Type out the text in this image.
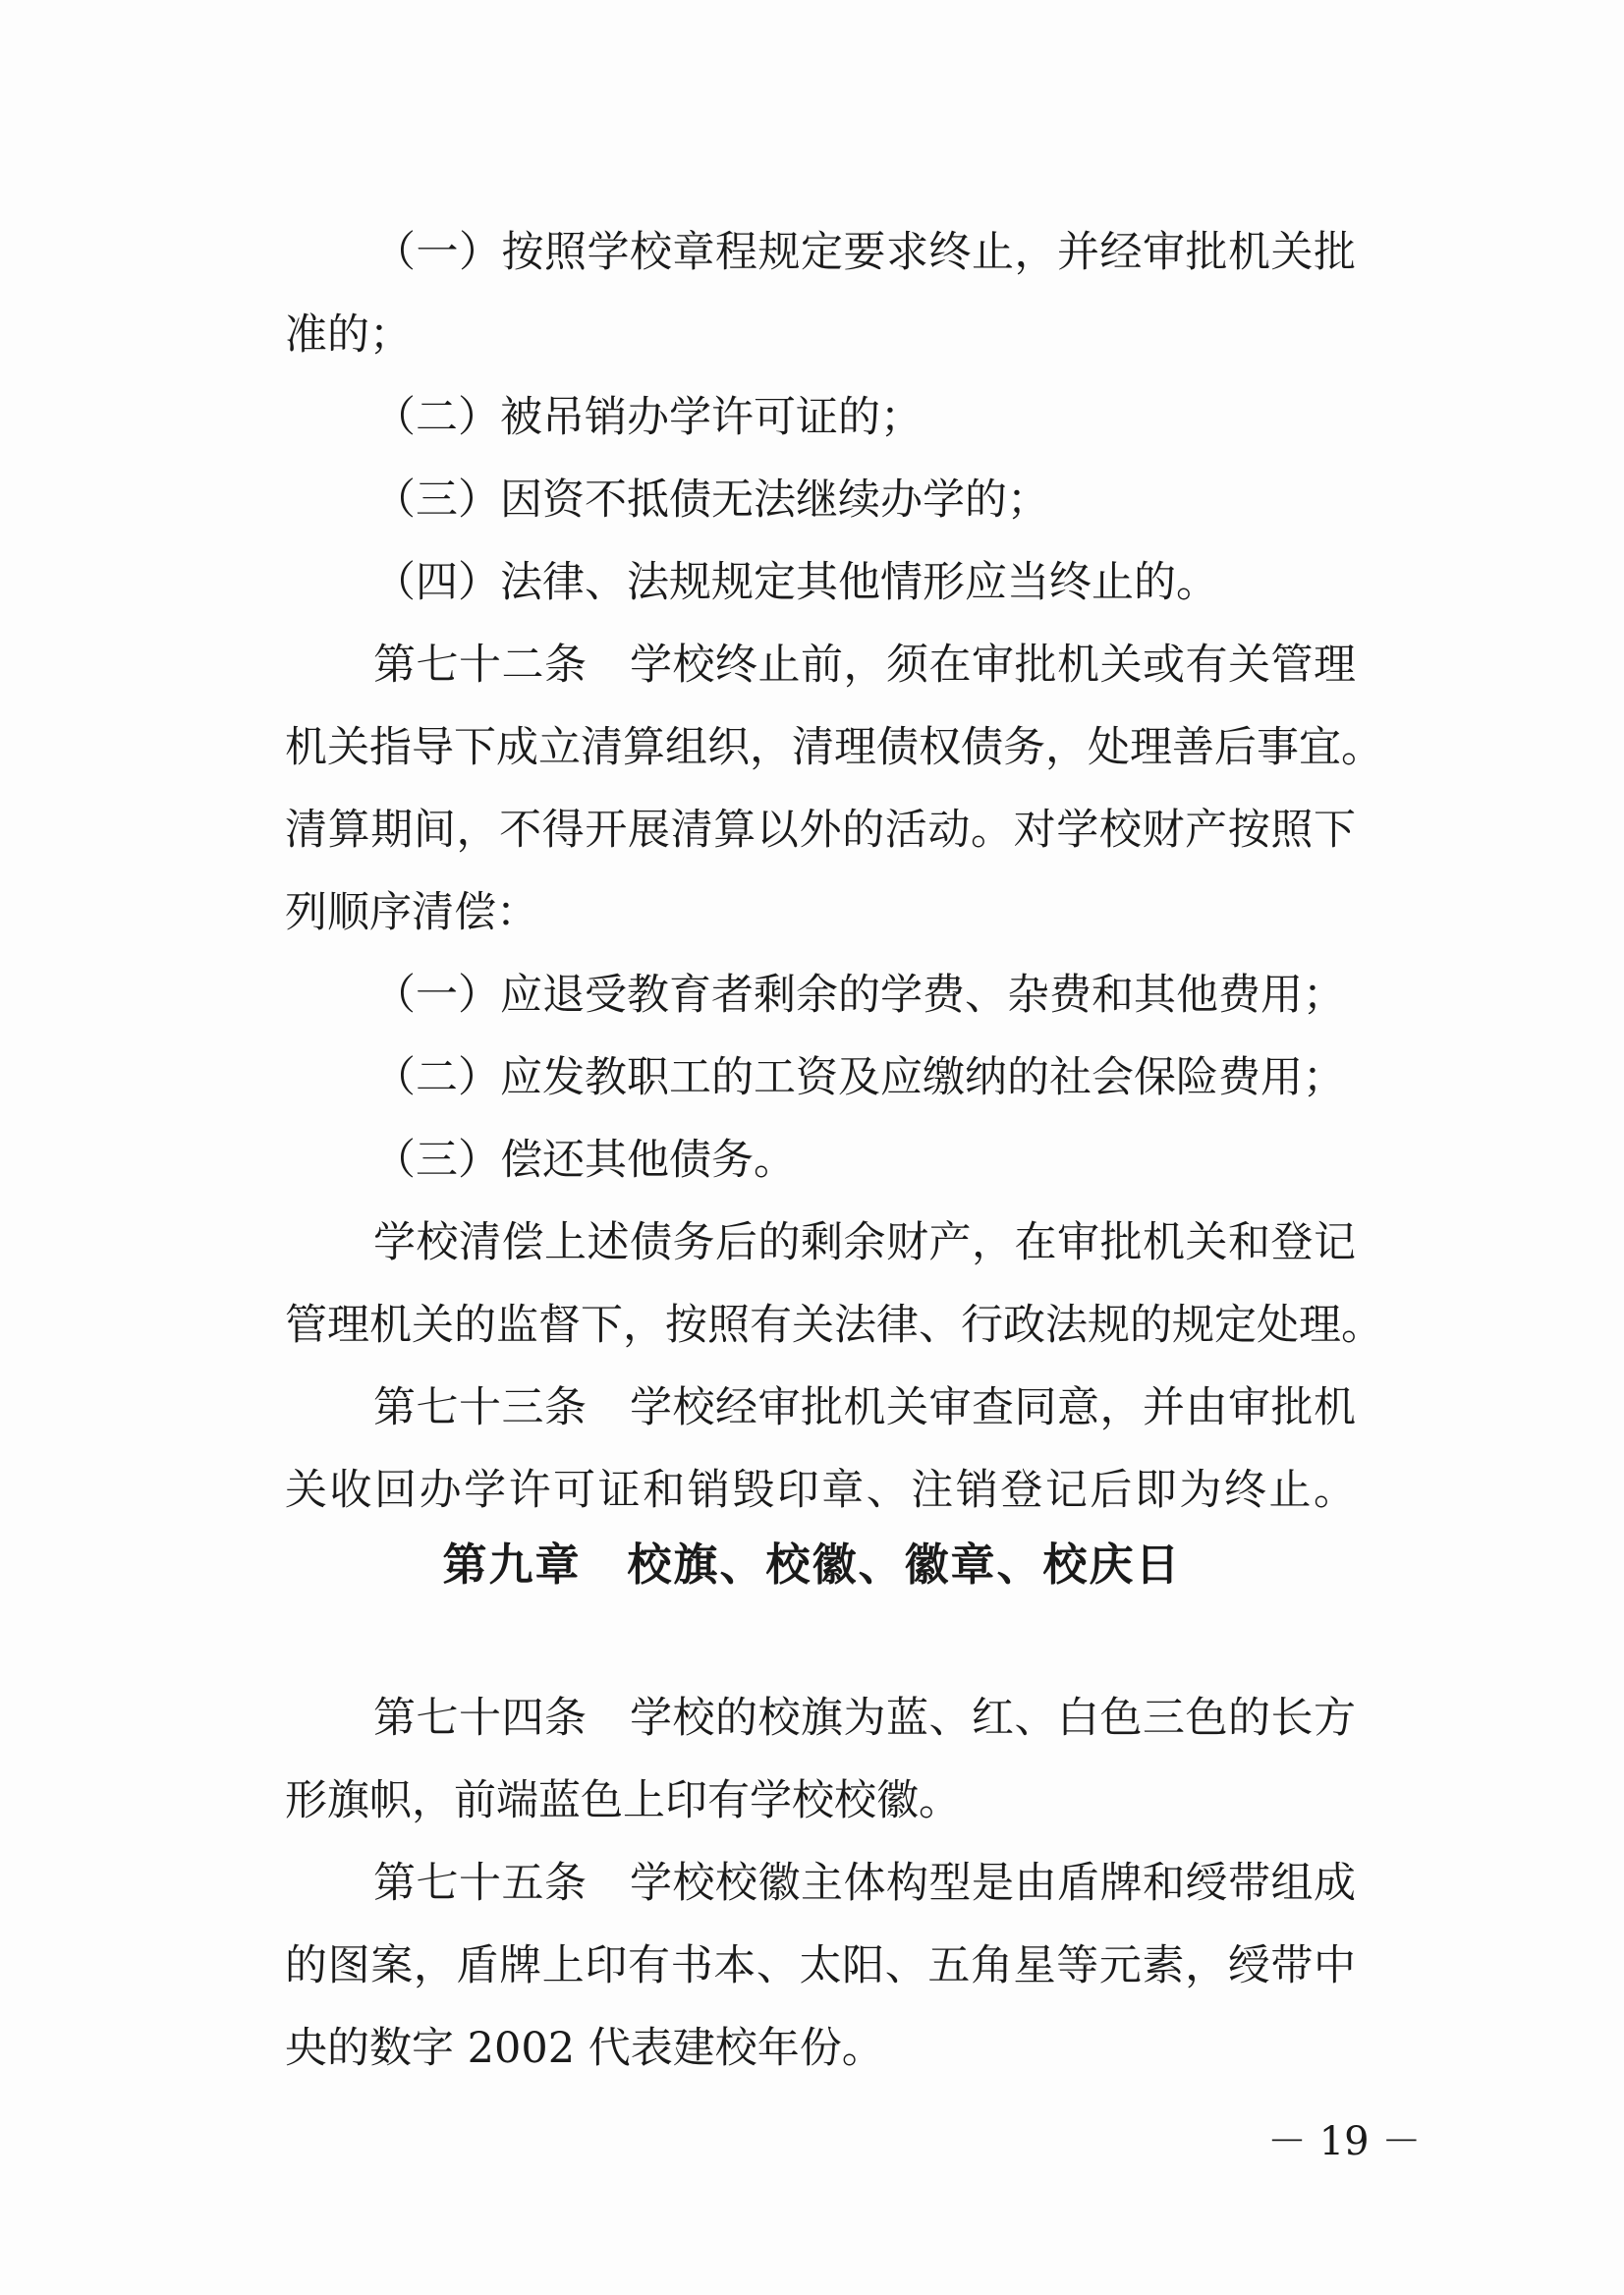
（一）按照学校章程规定要求终止，并经审批机关批
准的；
（二）被吊销办学许可证的；
（三）因资不抵债无法继续办学的；
（四）法律、法规规定其他情形应当终止的。
第七十二条　学校终止前，须在审批机关或有关管理
机关指导下成立清算组织，清理债权债务，处理善后事宜。
清算期间，不得开展清算以外的活动。对学校财产按照下
列顺序清偿：
（一）应退受教育者剩余的学费、杂费和其他费用；
（二）应发教职工的工资及应缴纳的社会保险费用；
（三）偿还其他债务。
学校清偿上述债务后的剩余财产，在审批机关和登记
管理机关的监督下，按照有关法律、行政法规的规定处理。
第七十三条　学校经审批机关审查同意，并由审批机
关收回办学许可证和销毁印章、注销登记后即为终止。
第九章　校旗、校徽、徽章、校庆日
第七十四条　学校的校旗为蓝、红、白色三色的长方
形旗帜，前端蓝色上印有学校校徽。
第七十五条　学校校徽主体构型是由盾牌和绶带组成
的图案，盾牌上印有书本、太阳、五角星等元素，绶带中
央的数字 2002 代表建校年份。
－ 19 －
